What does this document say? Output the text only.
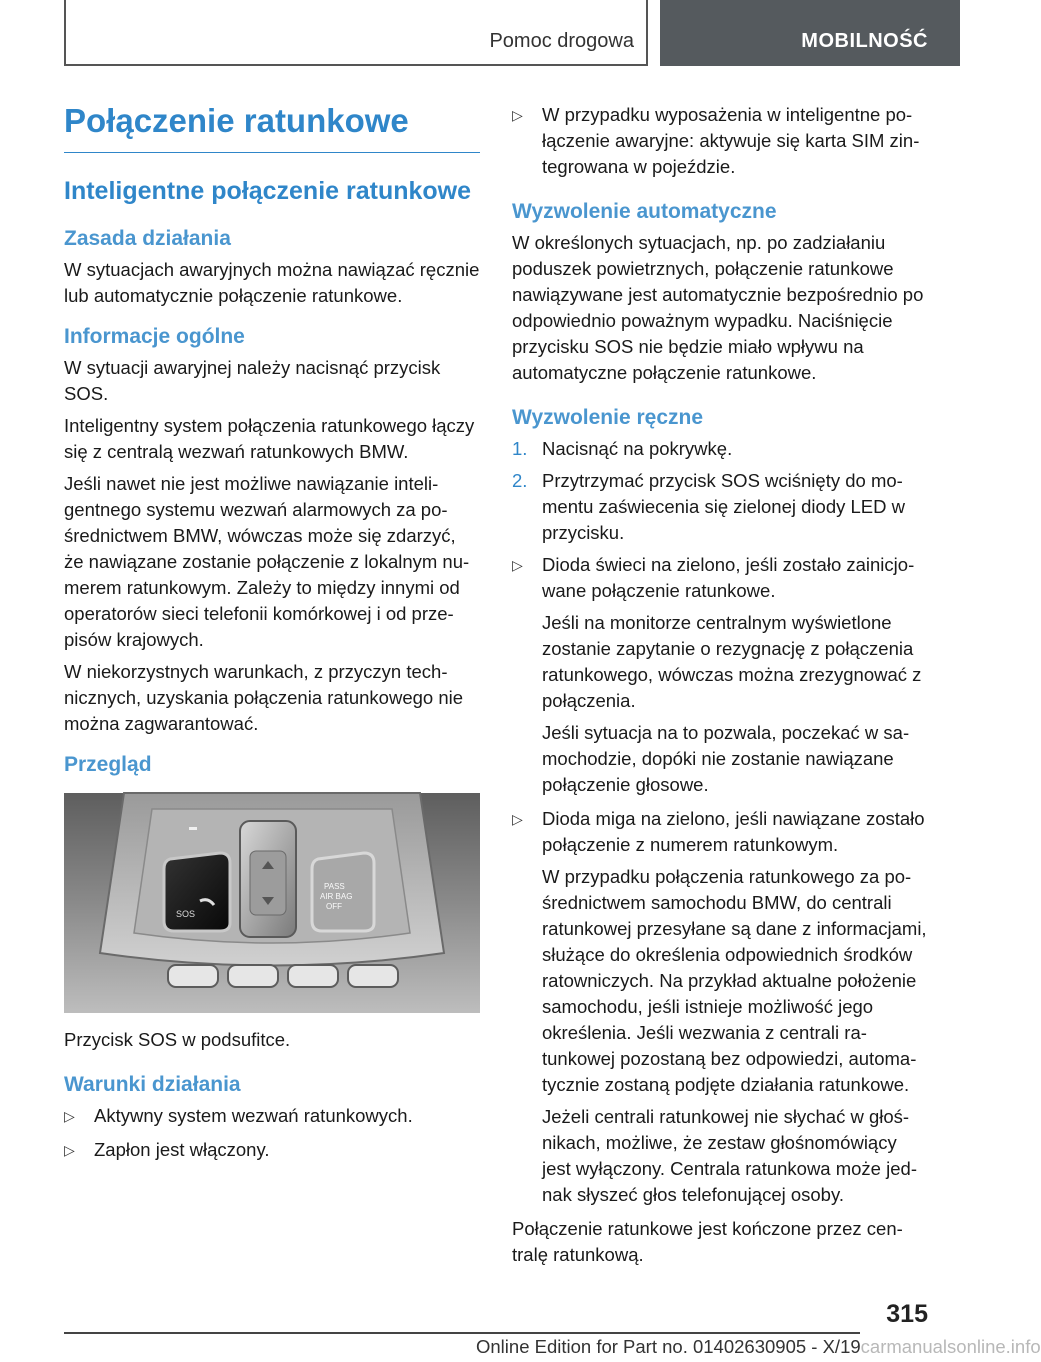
Pomoc drogowa	MOBILNOŚĆ
Połączenie ratunkowe
Inteligentne połączenie ratunkowe
Zasada działania

W sytuacjach awaryjnych można nawiązać ręcznie lub automatycznie połączenie ratunkowe.

Informacje ogólne

W sytuacji awaryjnej należy nacisnąć przycisk SOS.

Inteligentny system połączenia ratunkowego łączy się z centralą wezwań ratunkowych BMW.

Jeśli nawet nie jest możliwe nawiązanie inteligentnego systemu wezwań alarmowych za pośrednictwem BMW, wówczas może się zdarzyć, że nawiązane zostanie połączenie z lokalnym numerem ratunkowym. Zależy to między innymi od operatorów sieci telefonii komórkowej i od przepisów krajowych.

W niekorzystnych warunkach, z przyczyn technicznych, uzyskania połączenia ratunkowego nie można zagwarantować.

Przegląd
SOS
PASS
AIR BAG
OFF

Przycisk SOS w podsufitce.

Warunki działania
▷ Aktywny system wezwań ratunkowych.
▷ Zapłon jest włączony.
▷ W przypadku wyposażenia w inteligentne połączenie awaryjne: aktywuje się karta SIM zintegrowana w pojeździe.
Wyzwolenie automatyczne

W określonych sytuacjach, np. po zadziałaniu poduszek powietrznych, połączenie ratunkowe nawiązywane jest automatycznie bezpośrednio po odpowiednio poważnym wypadku. Naciśnięcie przycisku SOS nie będzie miało wpływu na automatyczne połączenie ratunkowe.

Wyzwolenie ręczne
1. Nacisnąć na pokrywkę.
2. Przytrzymać przycisk SOS wciśnięty do momentu zaświecenia się zielonej diody LED w przycisku.
▷ Dioda świeci na zielono, jeśli zostało zainicjowane połączenie ratunkowe.

Jeśli na monitorze centralnym wyświetlone zostanie zapytanie o rezygnację z połączenia ratunkowego, wówczas można zrezygnować z połączenia.

Jeśli sytuacja na to pozwala, poczekać w samochodzie, dopóki nie zostanie nawiązane połączenie głosowe.

▷ Dioda miga na zielono, jeśli nawiązane zostało połączenie z numerem ratunkowym.

W przypadku połączenia ratunkowego za pośrednictwem samochodu BMW, do centrali ratunkowej przesyłane są dane z informacjami, służące do określenia odpowiednich środków ratowniczych. Na przykład aktualne położenie samochodu, jeśli istnieje możliwość jego określenia. Jeśli wezwania z centrali ratunkowej pozostaną bez odpowiedzi, automatycznie zostaną podjęte działania ratunkowe.

Jeżeli centrali ratunkowej nie słychać w głośnikach, możliwe, że zestaw głośnomówiący jest wyłączony. Centrala ratunkowa może jednak słyszeć głos telefonującej osoby.

Połączenie ratunkowe jest kończone przez centralę ratunkową.

315
Online Edition for Part no. 01402630905 - X/19carmanualsonline.info
